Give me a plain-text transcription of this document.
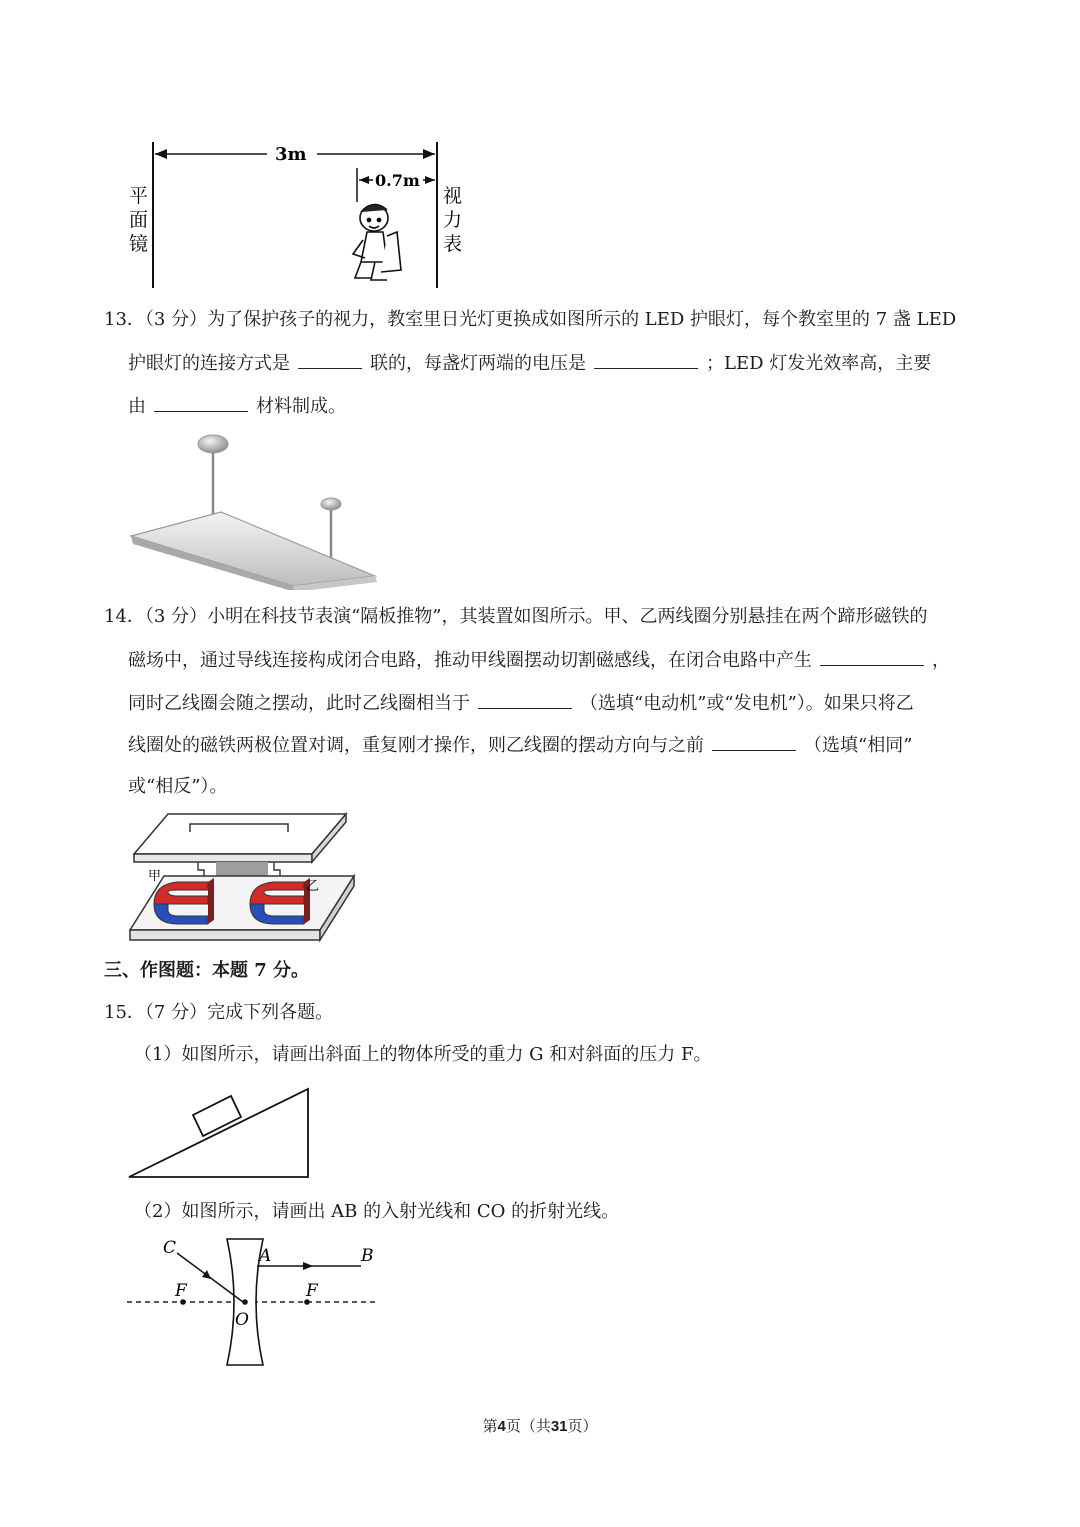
3m
0.7m
平
面
镜
视
力
表
13．（3 分）为了保护孩子的视力，教室里日光灯更换成如图所示的 LED 护眼灯，每个教室里的 7 盏 LED
护眼灯的连接方式是	联的，每盏灯两端的电压是	；LED 灯发光效率高，主要
由	材料制成。
14．（3 分）小明在科技节表演“隔板推物”，其装置如图所示。甲、乙两线圈分别悬挂在两个蹄形磁铁的
磁场中，通过导线连接构成闭合电路，推动甲线圈摆动切割磁感线，在闭合电路中产生	，
同时乙线圈会随之摆动，此时乙线圈相当于	（选填“电动机”或“发电机”）。如果只将乙
线圈处的磁铁两极位置对调，重复刚才操作，则乙线圈的摆动方向与之前	（选填“相同”
或“相反”）。
甲
乙
三、作图题：本题 7 分。
15．（7 分）完成下列各题。
（1）如图所示，请画出斜面上的物体所受的重力 G 和对斜面的压力 F。
（2）如图所示，请画出 AB 的入射光线和 CO 的折射光线。
C	A	B
F	F
O
第4页（共31页）
